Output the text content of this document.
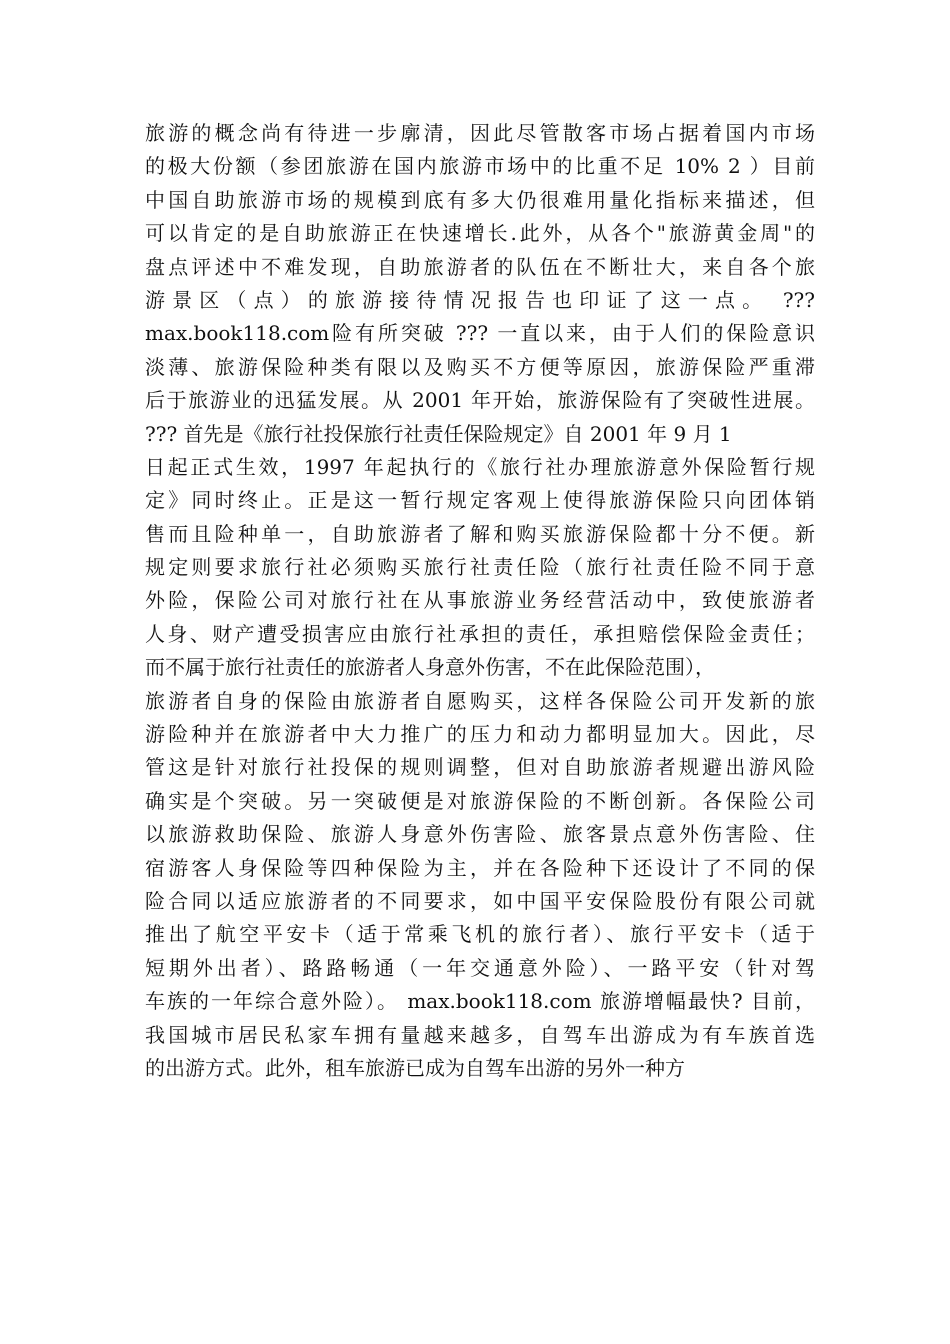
旅游的概念尚有待进一步廓清，因此尽管散客市场占据着国内市场
的极大份额（参团旅游在国内旅游市场中的比重不足 10% 2 ）目前
中国自助旅游市场的规模到底有多大仍很难用量化指标来描述，但
可以肯定的是自助旅游正在快速增长.此外，从各个"旅游黄金周"的
盘点评述中不难发现，自助旅游者的队伍在不断壮大，来自各个旅
游景区（点）的旅游接待情况报告也印证了这一点。 ???
max.book118.com险有所突破 ??? 一直以来，由于人们的保险意识
淡薄、旅游保险种类有限以及购买不方便等原因，旅游保险严重滞
后于旅游业的迅猛发展。从 2001 年开始，旅游保险有了突破性进展。
??? 首先是《旅行社投保旅行社责任保险规定》自 2001 年 9 月 1
日起正式生效，1997 年起执行的《旅行社办理旅游意外保险暂行规
定》同时终止。正是这一暂行规定客观上使得旅游保险只向团体销
售而且险种单一，自助旅游者了解和购买旅游保险都十分不便。新
规定则要求旅行社必须购买旅行社责任险（旅行社责任险不同于意
外险，保险公司对旅行社在从事旅游业务经营活动中，致使旅游者
人身、财产遭受损害应由旅行社承担的责任，承担赔偿保险金责任；
而不属于旅行社责任的旅游者人身意外伤害，不在此保险范围），
旅游者自身的保险由旅游者自愿购买，这样各保险公司开发新的旅
游险种并在旅游者中大力推广的压力和动力都明显加大。因此，尽
管这是针对旅行社投保的规则调整，但对自助旅游者规避出游风险
确实是个突破。另一突破便是对旅游保险的不断创新。各保险公司
以旅游救助保险、旅游人身意外伤害险、旅客景点意外伤害险、住
宿游客人身保险等四种保险为主，并在各险种下还设计了不同的保
险合同以适应旅游者的不同要求，如中国平安保险股份有限公司就
推出了航空平安卡（适于常乘飞机的旅行者）、旅行平安卡（适于
短期外出者）、路路畅通（一年交通意外险）、一路平安（针对驾
车族的一年综合意外险）。 max.book118.com 旅游增幅最快? 目前，
我国城市居民私家车拥有量越来越多，自驾车出游成为有车族首选
的出游方式。此外，租车旅游已成为自驾车出游的另外一种方
